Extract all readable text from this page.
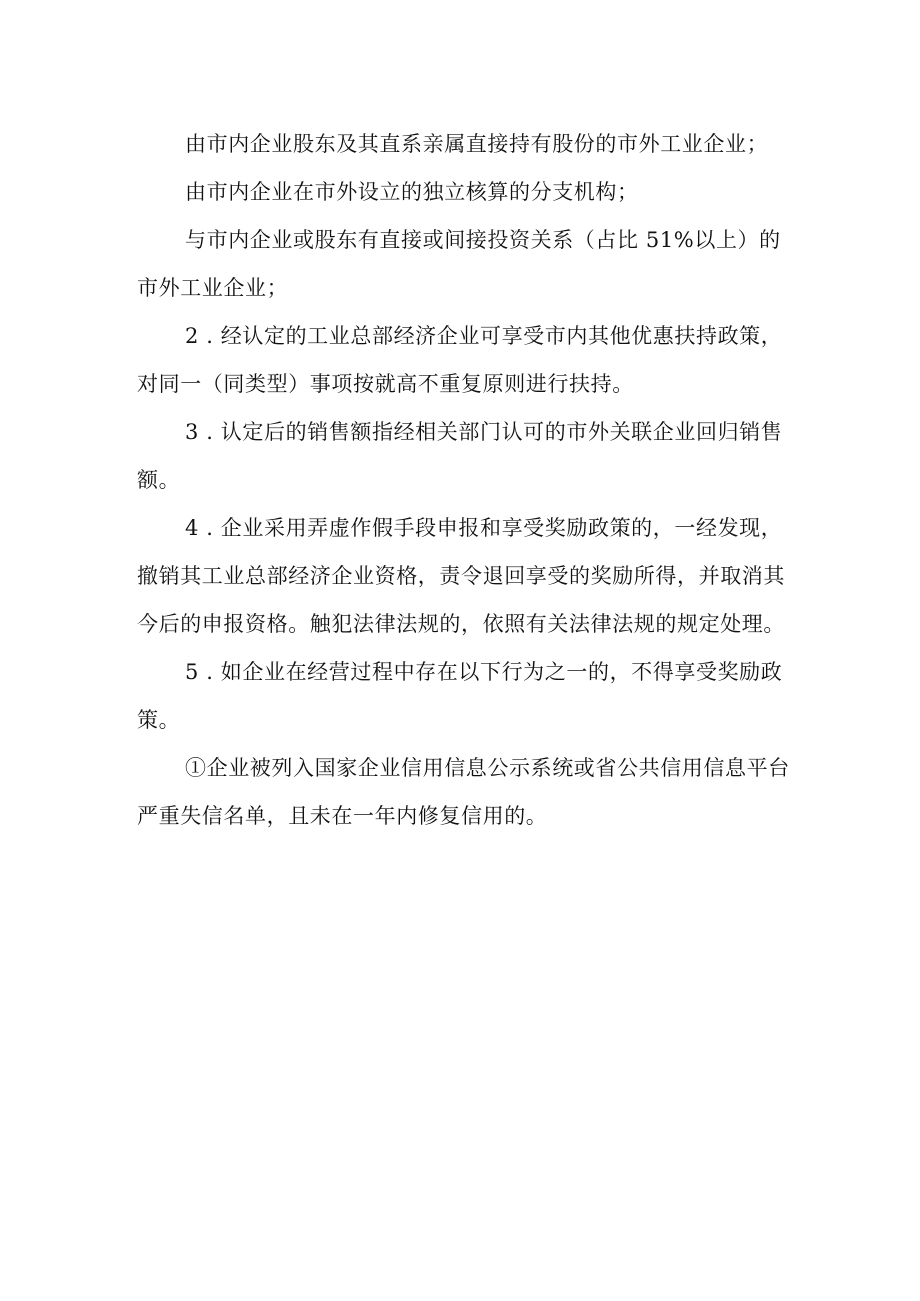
由市内企业股东及其直系亲属直接持有股份的市外工业企业；

由市内企业在市外设立的独立核算的分支机构；

与市内企业或股东有直接或间接投资关系（占比 51%以上）的市外工业企业；

2 . 经认定的工业总部经济企业可享受市内其他优惠扶持政策，对同一（同类型）事项按就高不重复原则进行扶持。

3 . 认定后的销售额指经相关部门认可的市外关联企业回归销售额。

4 . 企业采用弄虚作假手段申报和享受奖励政策的，一经发现，撤销其工业总部经济企业资格，责令退回享受的奖励所得，并取消其今后的申报资格。触犯法律法规的，依照有关法律法规的规定处理。

5 . 如企业在经营过程中存在以下行为之一的，不得享受奖励政策。

①企业被列入国家企业信用信息公示系统或省公共信用信息平台严重失信名单，且未在一年内修复信用的。
